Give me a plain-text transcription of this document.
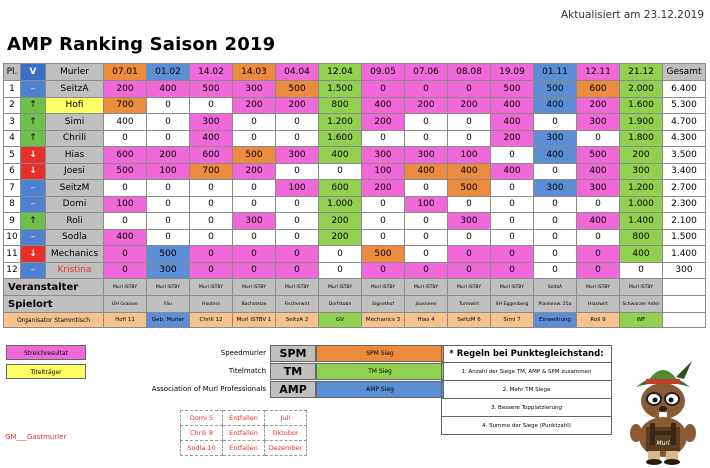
Aktualisiert am 23.12.2019
AMP Ranking Saison 2019
Pl.	V	Murler	07.01	01.02	14.02	14.03	04.04	12.04	09.05	07.06	08.08	19.09	01.11	12.11	21.12	Gesamt
1	–	SeitzA	200	400	500	300	500	1.500	0	0	0	500	500	600	2.000	6.400
2	↑	Hofi	700	0	0	200	200	800	400	200	200	400	400	200	1.600	5.300
3	↑	Simi	400	0	300	0	0	1.200	200	0	0	400	0	300	1.900	4.700
4	↑	Chrili	0	0	400	0	0	1.600	0	0	0	200	300	0	1.800	4.300
5	↓	Hias	600	200	600	500	300	400	300	300	100	0	400	500	200	3.500
6	↓	Joesi	500	100	700	200	0	0	100	400	400	400	0	400	300	3.400
7	–	SeitzM	0	0	0	0	100	600	200	0	500	0	300	300	1.200	2.700
8	–	Domi	100	0	0	0	0	1.000	0	100	0	0	0	0	1.000	2.300
9	↑	Roli	0	0	0	300	0	200	0	0	300	0	0	400	1.400	2.100
10	–	Sodla	400	0	0	0	0	200	0	0	0	0	0	0	800	1.500
11	↓	Mechanics	0	500	0	0	0	0	500	0	0	0	0	0	400	1.400
12	–	Kristina	0	300	0	0	0	0	0	0	0	0	0	0	0	300
Veranstalter			Murl ISTBY	Murl ISTBY	Murl ISTBY	Murl ISTBY	Murl ISTBY	Murl ISTBY	Murl ISTBY	Murl ISTBY	Murl ISTBY	Murl ISTBY	SeitzA	Murl ISTBY	Murl ISTBY	
Spielort			GH Grasser	Fäu	Hooters	Bachstelze	Fischerwirt	Dorfstubn	Signethof	Jausnerei	Turmwirt	SH Eggenberg	Plankenw. 25a	Hiaslwirt	Schwarzer Adler	
Organisator Stammtisch			Hofi 11	Geb. Murler	Chrili 12	Murl ISTBV 1	SeitzA 2	GV	Mechanics 3	Hias 4	SeitzM 6	Simi 7	Einweihung	Roli 9	WF	
Streichresultat
Titelträger
Speedmurler	SPM	SPM Sieg
Titelmatch	TM	TM Sieg
Association of Murl Professionals	AMP	AMP Sieg
Domi 5	Entfallen	Juli
Chrili 8	Entfallen	Oktober
Sodla 10	Entfallen	Dezember
* Regeln bei Punktegleichstand:
1. Anzahl der Siege TM, AMP & SPM zusammen
2. Mehr TM Siege
3. Bessere Topplatzierung
4. Summe der Siege (Punktzahl)
GM___Gastmurler
Murl
